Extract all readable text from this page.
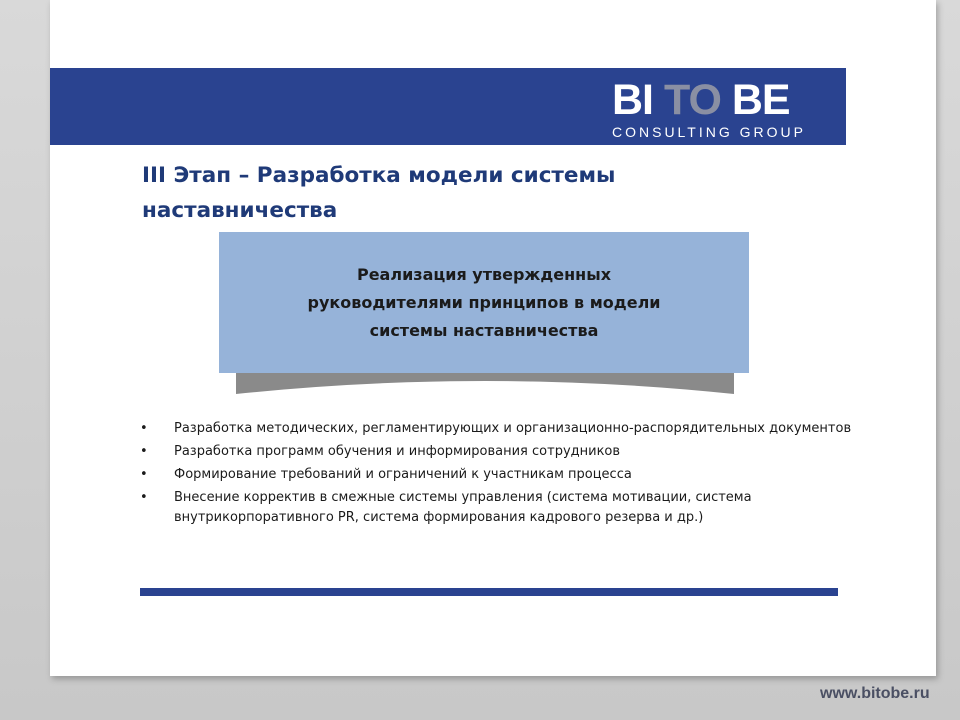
BI TO BE
CONSULTING GROUP
III Этап – Разработка модели системы
наставничества
Реализация утвержденных
руководителями принципов в модели
системы наставничества
• Разработка методических, регламентирующих и организационно-распорядительных документов
• Разработка программ обучения и информирования сотрудников
• Формирование требований и ограничений к участникам процесса
• Внесение корректив в смежные системы управления (система мотивации, система внутрикорпоративного PR, система формирования кадрового резерва и др.)
www.bitobe.ru
